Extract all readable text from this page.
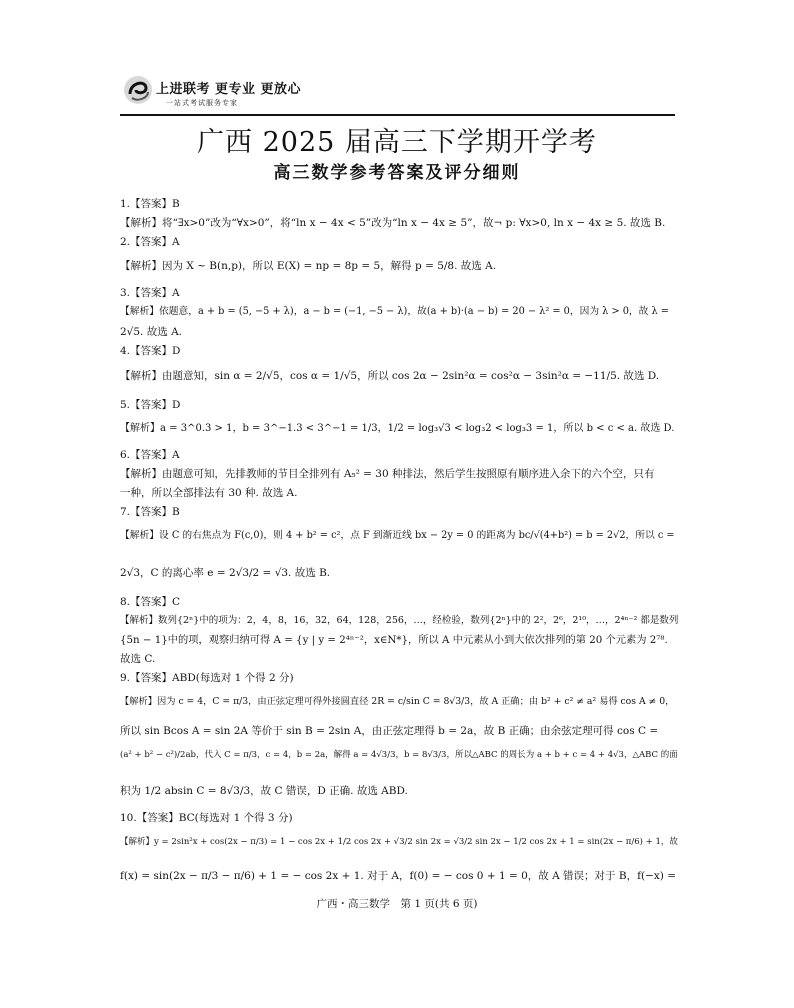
上进联考 更专业 更放心
一站式考试服务专家
广西 2025 届高三下学期开学考
高三数学参考答案及评分细则
1.【答案】B
【解析】将“∃x>0”改为“∀x>0”，将“ln x − 4x < 5”改为“ln x − 4x ≥ 5”，故¬ p: ∀x>0, ln x − 4x ≥ 5. 故选 B.
2.【答案】A
【解析】因为 X ~ B(n,p)，所以 E(X) = np = 8p = 5，解得 p = 5/8. 故选 A.
3.【答案】A
【解析】依题意，a + b = (5, −5 + λ)，a − b = (−1, −5 − λ)，故(a + b)·(a − b) = 20 − λ² = 0，因为 λ > 0，故 λ =
2√5. 故选 A.
4.【答案】D
【解析】由题意知，sin α = 2/√5，cos α = 1/√5，所以 cos 2α − 2sin²α = cos²α − 3sin²α = −11/5. 故选 D.
5.【答案】D
【解析】a = 3^0.3 > 1，b = 3^−1.3 < 3^−1 = 1/3，1/2 = log₃√3 < log₃2 < log₃3 = 1，所以 b < c < a. 故选 D.
6.【答案】A
【解析】由题意可知，先排教师的节目全排列有 A₅² = 30 种排法，然后学生按照原有顺序进入余下的六个空，只有
一种，所以全部排法有 30 种. 故选 A.
7.【答案】B
【解析】设 C 的右焦点为 F(c,0)，则 4 + b² = c²，点 F 到渐近线 bx − 2y = 0 的距离为 bc/√(4+b²) = b = 2√2，所以 c =
2√3，C 的离心率 e = 2√3/2 = √3. 故选 B.
8.【答案】C
【解析】数列{2ⁿ}中的项为：2，4，8，16，32，64，128，256，…，经检验，数列{2ⁿ}中的 2²，2⁶，2¹⁰，…，2⁴ⁿ⁻² 都是数列
{5n − 1}中的项，观察归纳可得 A = {y | y = 2⁴ⁿ⁻²，x∈N*}，所以 A 中元素从小到大依次排列的第 20 个元素为 2⁷⁸.
故选 C.
9.【答案】ABD(每选对 1 个得 2 分)
【解析】因为 c = 4，C = π/3，由正弦定理可得外接圆直径 2R = c/sin C = 8√3/3，故 A 正确；由 b² + c² ≠ a² 易得 cos A ≠ 0，
所以 sin Bcos A = sin 2A 等价于 sin B = 2sin A，由正弦定理得 b = 2a，故 B 正确；由余弦定理可得 cos C =
(a² + b² − c²)/2ab，代入 C = π/3，c = 4，b = 2a，解得 a = 4√3/3，b = 8√3/3，所以△ABC 的周长为 a + b + c = 4 + 4√3，△ABC 的面
积为 1/2 absin C = 8√3/3，故 C 错误，D 正确. 故选 ABD.
10.【答案】BC(每选对 1 个得 3 分)
【解析】y = 2sin²x + cos(2x − π/3) = 1 − cos 2x + 1/2 cos 2x + √3/2 sin 2x = √3/2 sin 2x − 1/2 cos 2x + 1 = sin(2x − π/6) + 1，故
f(x) = sin(2x − π/3 − π/6) + 1 = − cos 2x + 1. 对于 A，f(0) = − cos 0 + 1 = 0，故 A 错误；对于 B，f(−x) =
广西・高三数学　第 1 页(共 6 页)
